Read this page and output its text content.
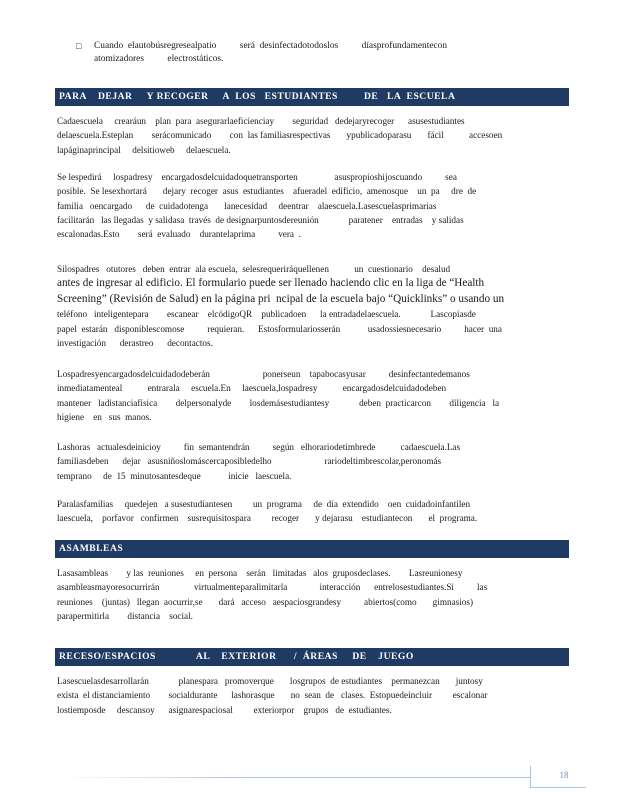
□ Cuando  elautobúsregresealpatio          será  desinfectadotodoslos          díasprofundamentecon
atomizadores          electrostáticos.
PARA    DEJAR     Y RECOGER     A  LOS   ESTUDIANTES         DE   LA  ESCUELA
Cadaescuela     crearáun    plan  para  asegurarlaeficienciay        seguridad   dedejaryrecoger      asusestudiantes
delaescuela.Esteplan        serácomunicado        con  las familiasrespectivas       ypublicadoparasu       fácil           accesoen
lapáginaprincipal     delsitioweb     delaescuela.
Se lespedirá     lospadresy    encargadosdelcuidadoquetransporten                asuspropioshijoscuando          sea
posible.  Se lesexhortará       dejary  recoger  asus  estudiantes    afueradel  edificio,  amenosque    un  pa     dre  de
familia   oencargado      de  cuidadotenga       lanecesidad     deentrar    alaescuela.Lasescuelasprimarias
facilitarán   las llegadas  y salidasa  través  de designarpuntosdereunión             paratener    entradas    y salidas
escalonadas.Esto        será  evaluado    durantelaprima          vera  .
Silospadres   otutores   deben  entrar  ala escuela,  selesrequeriráquellenen           un  cuestionario    desalud
antes de ingresar al edificio. El formulario puede ser llenado haciendo clic en la liga de “Health
Screening” (Revisión de Salud) en la página pri  ncipal de la escuela bajo “Quicklinks” o usando un
teléfono   inteligentepara        escanear    elcódigoQR    publicadoen      la entradadelaescuela.             Lascopiasde
papel  estarán   disponiblescomose          requieran.      Estosformulariosserán            usadossiesnecesario          hacer  una
investigación      derastreo      decontactos.
Lospadresyencargadosdelcuidadodeberán                       ponerseun    tapabocasyusar          desinfectantedemanos
inmediatamenteal           entrarala     escuela.En     laescuela,lospadresy           encargadosdelcuidadodeben
mantener   ladistanciafísica        delpersonalyde        losdemásestudiantesy             deben  practicarcon        diligencia   la
higiene    en   sus  manos.
Lashoras   actualesdeinicioy          fin  semantendrán          según   elhorariodetimbrede           cadaescuela.Las
familiasdeben      dejar   asusniñoslomáscercaposibledelho                       rariodeltimbrescolar,peronomás
temprano     de  15  minutosantesdeque            inicie   laescuela.
Paralasfamilias     quedejen   a susestudiantesen         un  programa     de  día  extendido    oen  cuidadoinfantilen
laescuela,    porfavor   confirmen    susrequisitospara         recoger       y dejarasu    estudiantecon       el  programa.
ASAMBLEAS
Lasasambleas        y las  reuniones     en  persona    serán   limitadas   alos  gruposdeclases.        Lasreunionesy
asambleasmayoresocurrirán               virtualmenteparalimitarla              interacción      entrelosestudiantes.Si          las
reuniones    (juntas)   llegan  aocurrir,se       dará   acceso   aespaciosgrandesy          abiertos(como       gimnasios)
parapermitirla        distancia    social.
RECESO/ESPACIOS              AL    EXTERIOR      /  ÁREAS     DE    JUEGO
Lasescuelasdesarrollarán             planespara   promoverque       losgrupos  de estudiantes    permanezcan       juntosy
exista  el distanciamiento        socialdurante      lashorasque       no  sean  de   clases.  Estopuedeincluir         escalonar
lostiemposde     descansoy      asignarespaciosal         exteriorpor    grupos   de  estudiantes.
18
